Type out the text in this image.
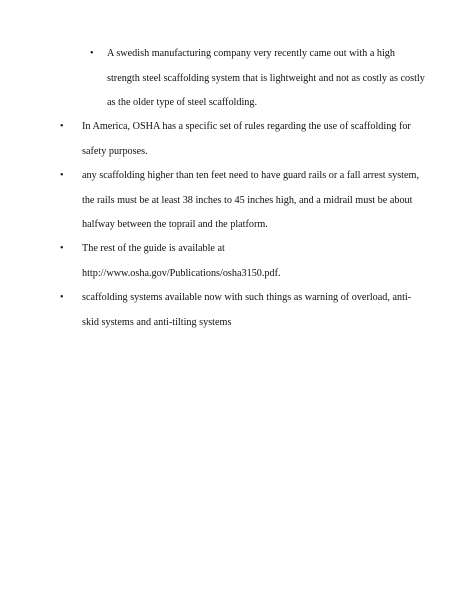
• A swedish manufacturing company very recently came out with a high
strength steel scaffolding system that is lightweight and not as costly as costly
as the older type of steel scaffolding.
• In America, OSHA has a specific set of rules regarding the use of scaffolding for
safety purposes.
• any scaffolding higher than ten feet need to have guard rails or a fall arrest system,
the rails must be at least 38 inches to 45 inches high, and a midrail must be about
halfway between the toprail and the platform.
• The rest of the guide is available at
http://www.osha.gov/Publications/osha3150.pdf.
• scaffolding systems available now with such things as warning of overload, anti-
skid systems and anti-tilting systems
